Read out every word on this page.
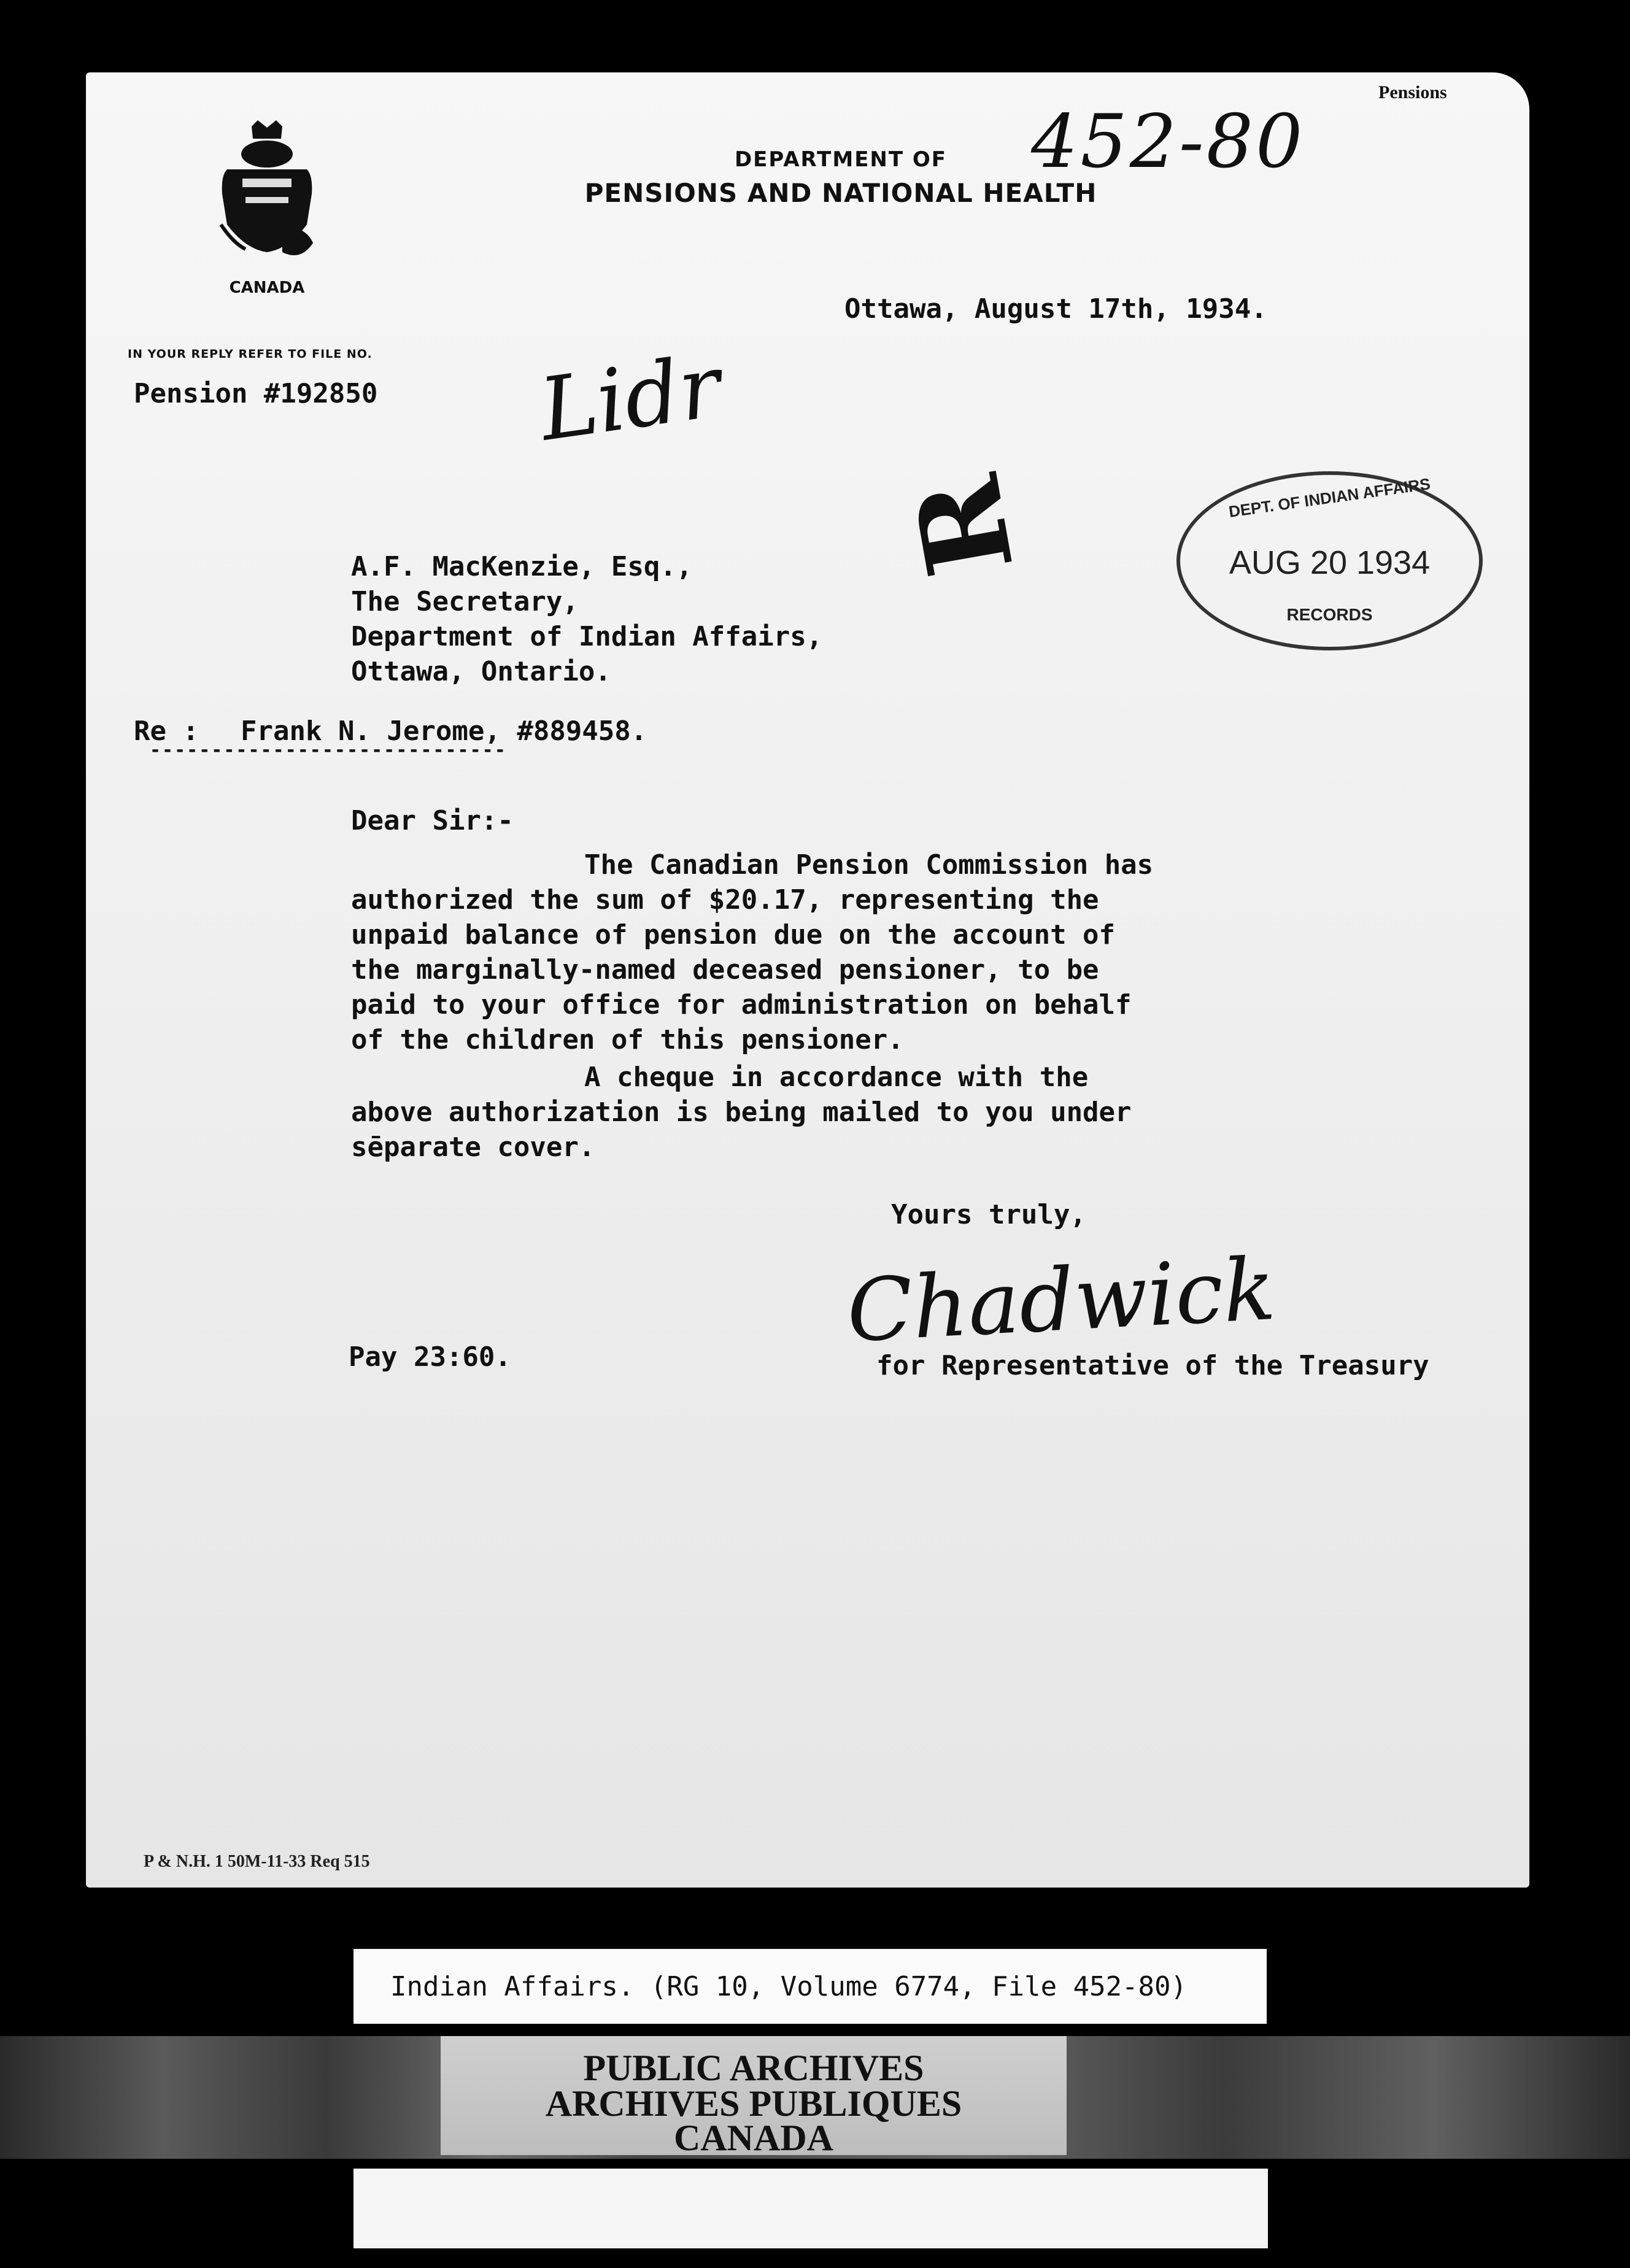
452-80
Pensions
CANADA
DEPARTMENT OF
PENSIONS AND NATIONAL HEALTH
IN YOUR REPLY REFER TO FILE NO.
Pension #192850
Ottawa, August 17th, 1934.
Lidr
R	DEPT. OF INDIAN AFFAIRS
AUG 20 1934
RECORDS
A.F. MacKenzie, Esq.,
The Secretary,
Department of Indian Affairs,
Ottawa, Ontario.
Re : Frank N. Jerome, #889458.
-----------------------------
Dear Sir:-
The Canadian Pension Commission has
authorized the sum of $20.17, representing the
unpaid balance of pension due on the account of
the marginally-named deceased pensioner, to be
paid to your office for administration on behalf
of the children of this pensioner.
A cheque in accordance with the
above authorization is being mailed to you under
sēparate cover.
Yours truly,
Chadwick
for Representative of the Treasury
Pay 23:60.
P & N.H. 1 50M-11-33 Req 515
Indian Affairs. (RG 10, Volume 6774, File 452-80)
PUBLIC ARCHIVES
ARCHIVES PUBLIQUES
CANADA
